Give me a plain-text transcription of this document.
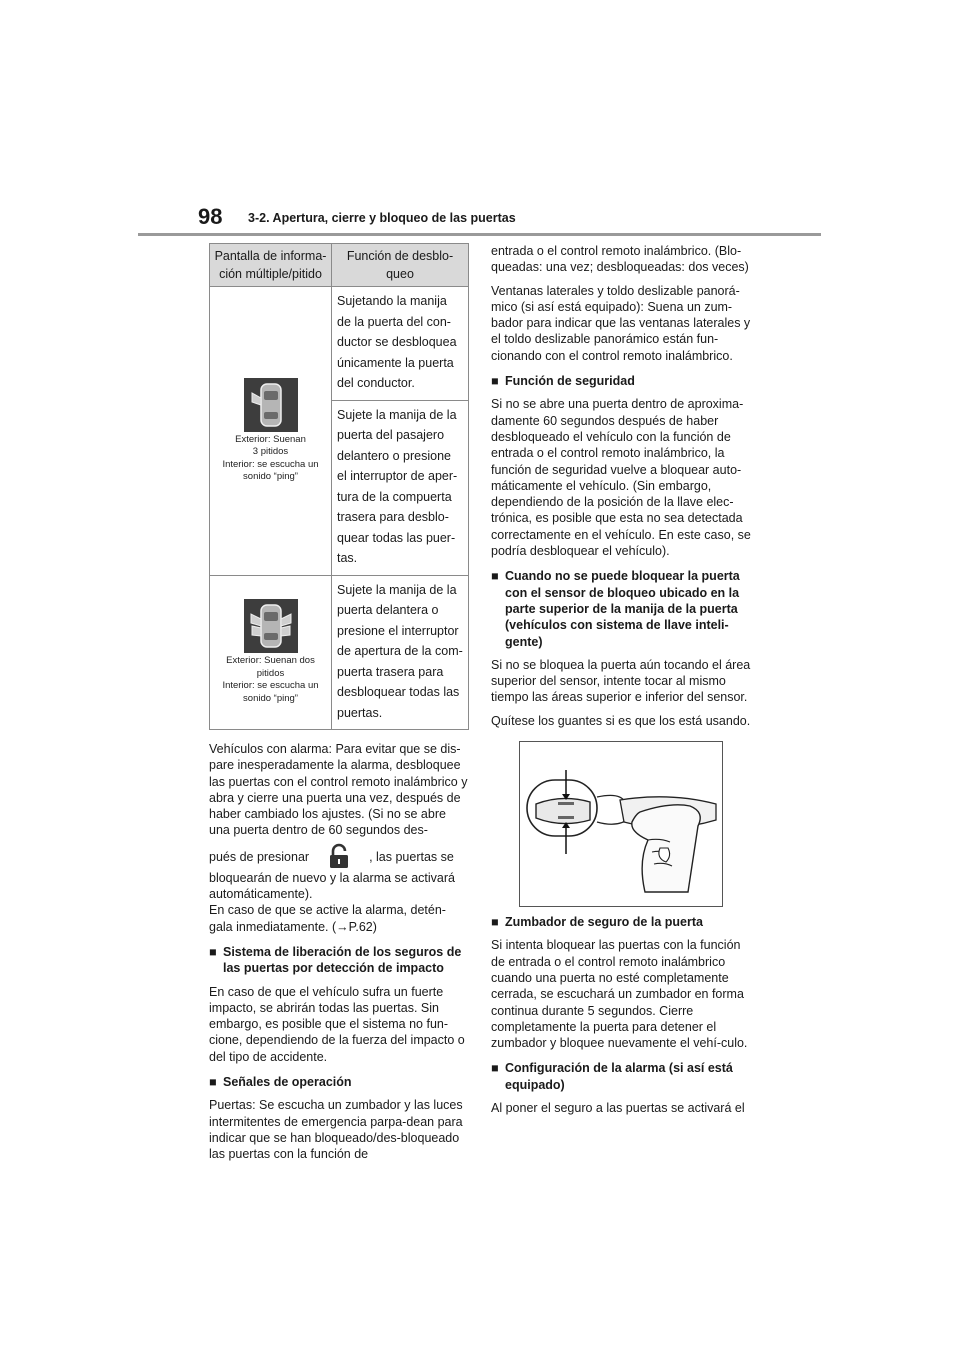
98 3-2. Apertura, cierre y bloqueo de las puertas
Pantalla de informa-ción múltiple/pitido	Función de desblo-queo

Exterior: Suenan
3 pitidos
Interior: se escucha un
sonido “ping”	Sujetando la manija de la puerta del con-ductor se desbloquea únicamente la puerta del conductor.
	Sujete la manija de la puerta del pasajero delantero o presione el interruptor de aper-tura de la compuerta trasera para desblo-quear todas las puer-tas.

Exterior: Suenan dos
pitidos
Interior: se escucha un
sonido “ping”	Sujete la manija de la puerta delantera o presione el interruptor de apertura de la com-puerta trasera para desbloquear todas las puertas.

Vehículos con alarma: Para evitar que se dis-pare inesperadamente la alarma, desbloquee las puertas con el control remoto inalámbrico y abra y cierre una puerta una vez, después de haber cambiado los ajustes. (Si no se abre una puerta dentro de 60 segundos des-

pués de presionar	, las puertas se

bloquearán de nuevo y la alarma se activará automáticamente).

En caso de que se active la alarma, detén-gala inmediatamente. (→P.62)

■ Sistema de liberación de los seguros de las puertas por detección de impacto

En caso de que el vehículo sufra un fuerte impacto, se abrirán todas las puertas. Sin embargo, es posible que el sistema no fun-cione, dependiendo de la fuerza del impacto o del tipo de accidente.

■ Señales de operación

Puertas: Se escucha un zumbador y las luces intermitentes de emergencia parpa-dean para indicar que se han bloqueado/des-bloqueado las puertas con la función de

entrada o el control remoto inalámbrico. (Blo-queadas: una vez; desbloqueadas: dos veces)

Ventanas laterales y toldo deslizable panorá-mico (si así está equipado): Suena un zum-bador para indicar que las ventanas laterales y el toldo deslizable panorámico están fun-cionando con el control remoto inalámbrico.

■ Función de seguridad

Si no se abre una puerta dentro de aproxima-damente 60 segundos después de haber desbloqueado el vehículo con la función de entrada o el control remoto inalámbrico, la función de seguridad vuelve a bloquear auto-máticamente el vehículo. (Sin embargo, dependiendo de la posición de la llave elec-trónica, es posible que esta no sea detectada correctamente en el vehículo. En este caso, se podría desbloquear el vehículo).

■ Cuando no se puede bloquear la puerta con el sensor de bloqueo ubicado en la parte superior de la manija de la puerta (vehículos con sistema de llave inteli-gente)

Si no se bloquea la puerta aún tocando el área superior del sensor, intente tocar al mismo tiempo las áreas superior e inferior del sensor.

Quítese los guantes si es que los está usando.

■ Zumbador de seguro de la puerta

Si intenta bloquear las puertas con la función de entrada o el control remoto inalámbrico cuando una puerta no esté completamente cerrada, se escuchará un zumbador en forma continua durante 5 segundos. Cierre completamente la puerta para detener el zumbador y bloquee nuevamente el vehí-culo.

■ Configuración de la alarma (si así está equipado)

Al poner el seguro a las puertas se activará el
